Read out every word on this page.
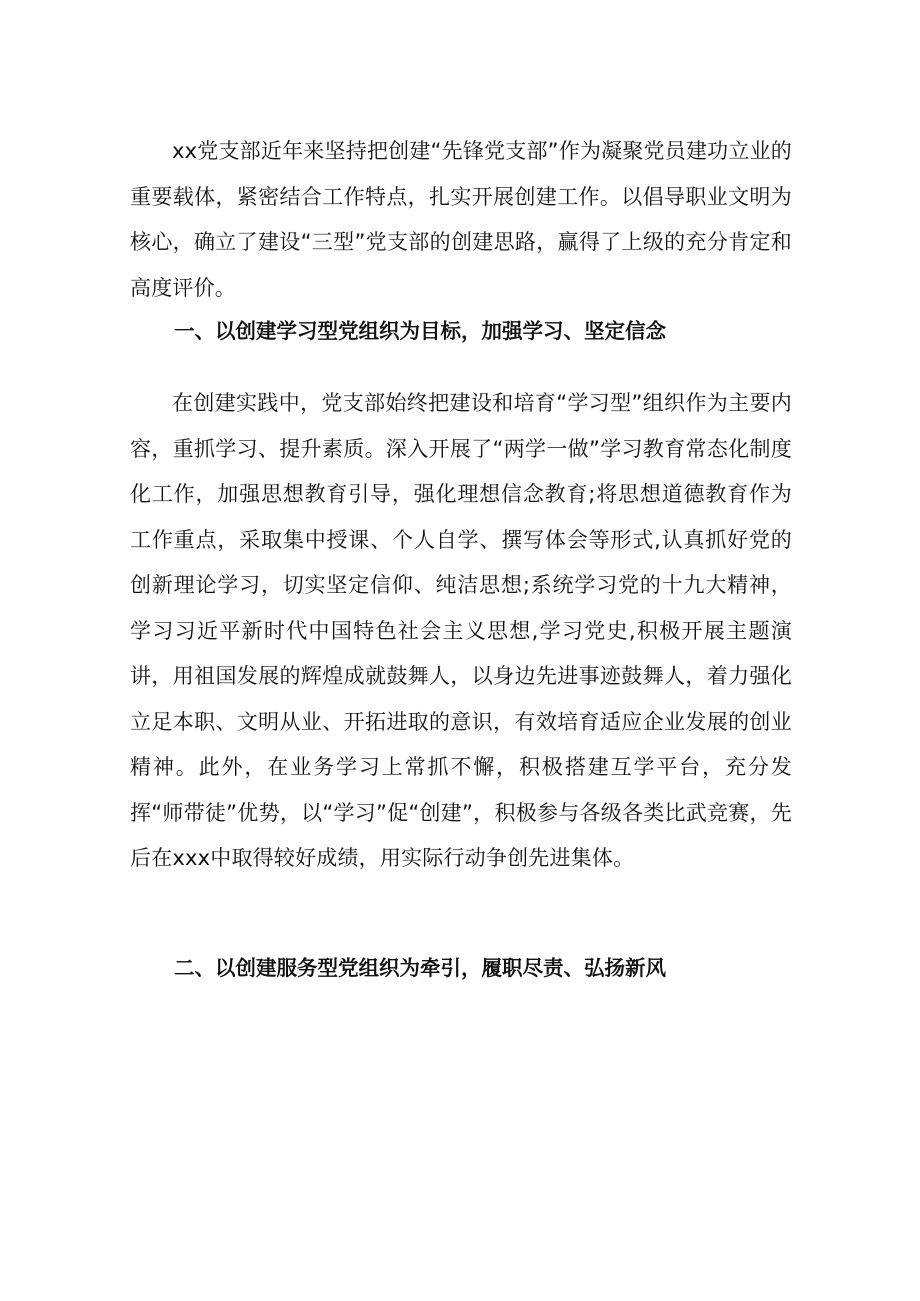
xx党支部近年来坚持把创建“先锋党支部”作为凝聚党员建功立业的重要载体，紧密结合工作特点，扎实开展创建工作。以倡导职业文明为核心，确立了建设“三型”党支部的创建思路，赢得了上级的充分肯定和高度评价。

一、以创建学习型党组织为目标，加强学习、坚定信念

在创建实践中，党支部始终把建设和培育“学习型”组织作为主要内容，重抓学习、提升素质。深入开展了“两学一做”学习教育常态化制度化工作，加强思想教育引导，强化理想信念教育;将思想道德教育作为工作重点，采取集中授课、个人自学、撰写体会等形式,认真抓好党的创新理论学习，切实坚定信仰、纯洁思想;系统学习党的十九大精神，学习习近平新时代中国特色社会主义思想,学习党史,积极开展主题演讲，用祖国发展的辉煌成就鼓舞人，以身边先进事迹鼓舞人，着力强化立足本职、文明从业、开拓进取的意识，有效培育适应企业发展的创业精神。此外，在业务学习上常抓不懈，积极搭建互学平台，充分发挥“师带徒”优势，以“学习”促“创建”，积极参与各级各类比武竞赛，先后在xxx中取得较好成绩，用实际行动争创先进集体。

二、以创建服务型党组织为牵引，履职尽责、弘扬新风
